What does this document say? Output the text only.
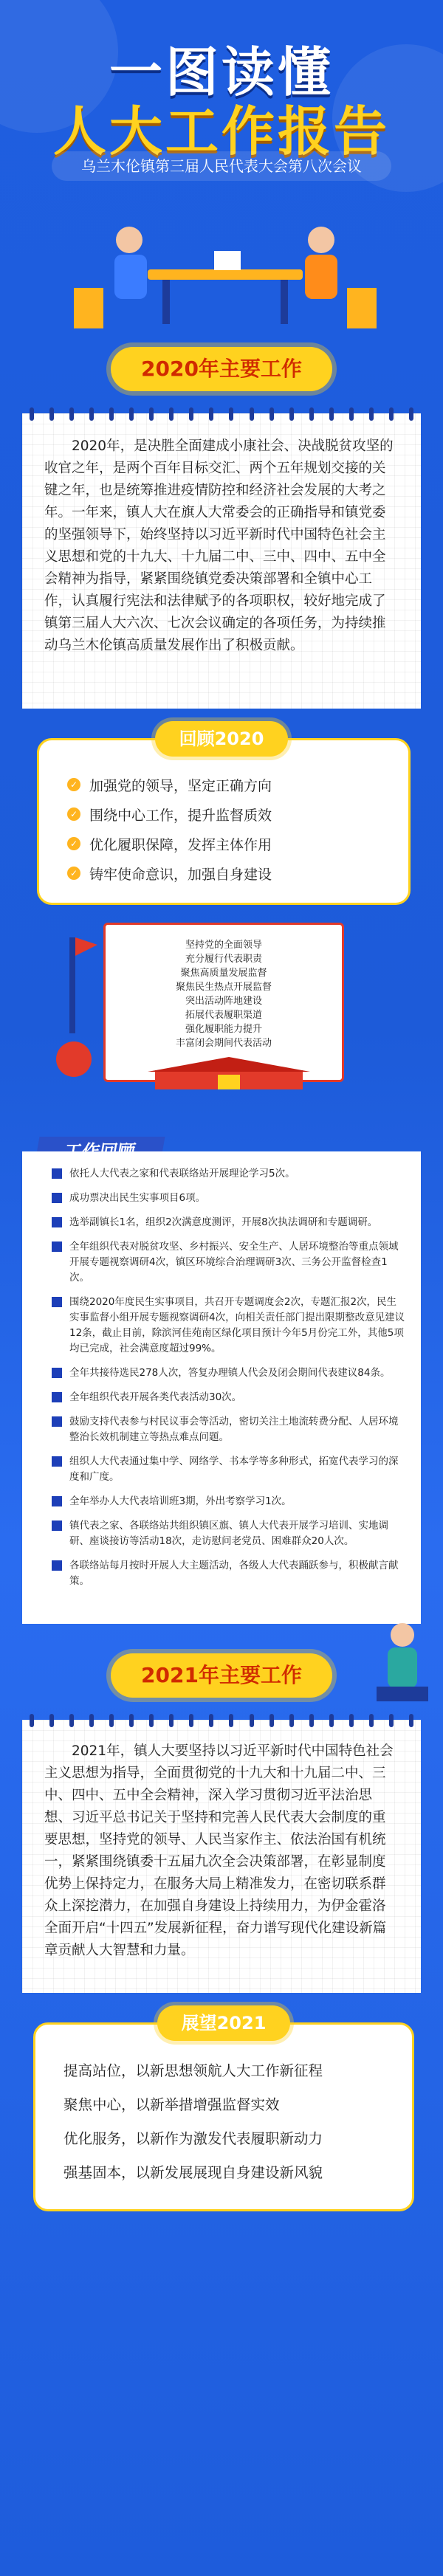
一图读懂
人大工作报告
乌兰木伦镇第三届人民代表大会第八次会议
2020年主要工作
2020年，是决胜全面建成小康社会、决战脱贫攻坚的收官之年，是两个百年目标交汇、两个五年规划交接的关键之年，也是统筹推进疫情防控和经济社会发展的大考之年。一年来，镇人大在旗人大常委会的正确指导和镇党委的坚强领导下，始终坚持以习近平新时代中国特色社会主义思想和党的十九大、十九届二中、三中、四中、五中全会精神为指导，紧紧围绕镇党委决策部署和全镇中心工作，认真履行宪法和法律赋予的各项职权，较好地完成了镇第三届人大六次、七次会议确定的各项任务，为持续推动乌兰木伦镇高质量发展作出了积极贡献。
回顾2020
✓ 加强党的领导，坚定正确方向
✓ 围绕中心工作，提升监督质效
✓ 优化履职保障，发挥主体作用
✓ 铸牢使命意识，加强自身建设

坚持党的全面领导

充分履行代表职责

聚焦高质量发展监督

聚焦民生热点开展监督

突出活动阵地建设

拓展代表履职渠道

强化履职能力提升

丰富闭会期间代表活动

依托人大代表之家和代表联络站开展理论学习5次。
成功票决出民生实事项目6项。
选举副镇长1名，组织2次满意度测评，开展8次执法调研和专题调研。
全年组织代表对脱贫攻坚、乡村振兴、安全生产、人居环境整治等重点领域开展专题视察调研4次，镇区环境综合治理调研3次、三务公开监督检查1次。
围绕2020年度民生实事项目，共召开专题调度会2次，专题汇报2次，民生实事监督小组开展专题视察调研4次，向相关责任部门提出限期整改意见建议12条，截止目前，除滨河佳苑南区绿化项目预计今年5月份完工外，其他5项均已完成，社会满意度超过99%。
全年共接待选民278人次，答复办理镇人代会及闭会期间代表建议84条。
全年组织代表开展各类代表活动30次。
鼓励支持代表参与村民议事会等活动，密切关注土地流转费分配、人居环境整治长效机制建立等热点难点问题。
组织人大代表通过集中学、网络学、书本学等多种形式，拓宽代表学习的深度和广度。
全年举办人大代表培训班3期，外出考察学习1次。
镇代表之家、各联络站共组织镇区旗、镇人大代表开展学习培训、实地调研、座谈接访等活动18次，走访慰问老党员、困难群众20人次。
各联络站每月按时开展人大主题活动，各级人大代表踊跃参与，积极献言献策。
2021年主要工作
2021年，镇人大要坚持以习近平新时代中国特色社会主义思想为指导，全面贯彻党的十九大和十九届二中、三中、四中、五中全会精神，深入学习贯彻习近平法治思想、习近平总书记关于坚持和完善人民代表大会制度的重要思想，坚持党的领导、人民当家作主、依法治国有机统一，紧紧围绕镇委十五届九次全会决策部署，在彰显制度优势上保持定力，在服务大局上精准发力，在密切联系群众上深挖潜力，在加强自身建设上持续用力，为伊金霍洛全面开启“十四五”发展新征程，奋力谱写现代化建设新篇章贡献人大智慧和力量。
展望2021
提高站位，以新思想领航人大工作新征程
聚焦中心，以新举措增强监督实效
优化服务，以新作为激发代表履职新动力
强基固本，以新发展展现自身建设新风貌
